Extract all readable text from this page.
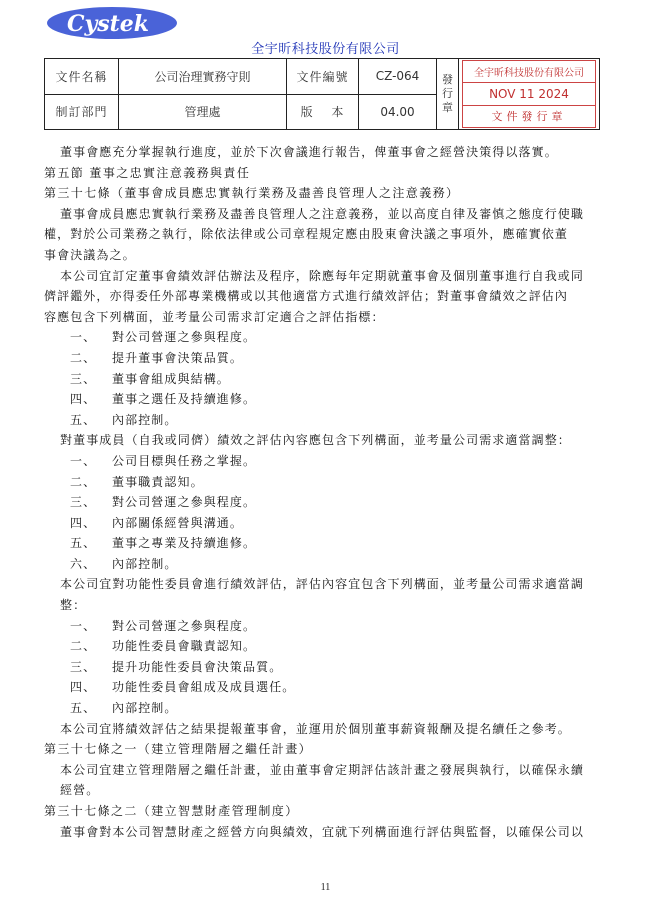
Cystek
全宇昕科技股份有限公司
文件名稱	公司治理實務守則	文件編號	CZ-064	發行章	全宇昕科技股份有限公司
NOV 11 2024
文件發行章

制訂部門	管理處	版　 本	04.00		
董事會應充分掌握執行進度，並於下次會議進行報告，俾董事會之經營決策得以落實。
第五節 董事之忠實注意義務與責任
第三十七條（董事會成員應忠實執行業務及盡善良管理人之注意義務）
董事會成員應忠實執行業務及盡善良管理人之注意義務，並以高度自律及審慎之態度行使職
權，對於公司業務之執行，除依法律或公司章程規定應由股東會決議之事項外，應確實依董
事會決議為之。
本公司宜訂定董事會績效評估辦法及程序，除應每年定期就董事會及個別董事進行自我或同
儕評鑑外，亦得委任外部專業機構或以其他適當方式進行績效評估；對董事會績效之評估內
容應包含下列構面，並考量公司需求訂定適合之評估指標：
一、	對公司營運之參與程度。
二、	提升董事會決策品質。
三、	董事會組成與結構。
四、	董事之選任及持續進修。
五、	內部控制。
對董事成員（自我或同儕）績效之評估內容應包含下列構面，並考量公司需求適當調整：
一、	公司目標與任務之掌握。
二、	董事職責認知。
三、	對公司營運之參與程度。
四、	內部關係經營與溝通。
五、	董事之專業及持續進修。
六、	內部控制。
本公司宜對功能性委員會進行績效評估，評估內容宜包含下列構面，並考量公司需求適當調
整：
一、	對公司營運之參與程度。
二、	功能性委員會職責認知。
三、	提升功能性委員會決策品質。
四、	功能性委員會組成及成員選任。
五、	內部控制。
本公司宜將績效評估之結果提報董事會，並運用於個別董事薪資報酬及提名續任之參考。
第三十七條之一（建立管理階層之繼任計畫）
本公司宜建立管理階層之繼任計畫，並由董事會定期評估該計畫之發展與執行，以確保永續
經營。
第三十七條之二（建立智慧財產管理制度）
董事會對本公司智慧財產之經營方向與績效，宜就下列構面進行評估與監督，以確保公司以
11
